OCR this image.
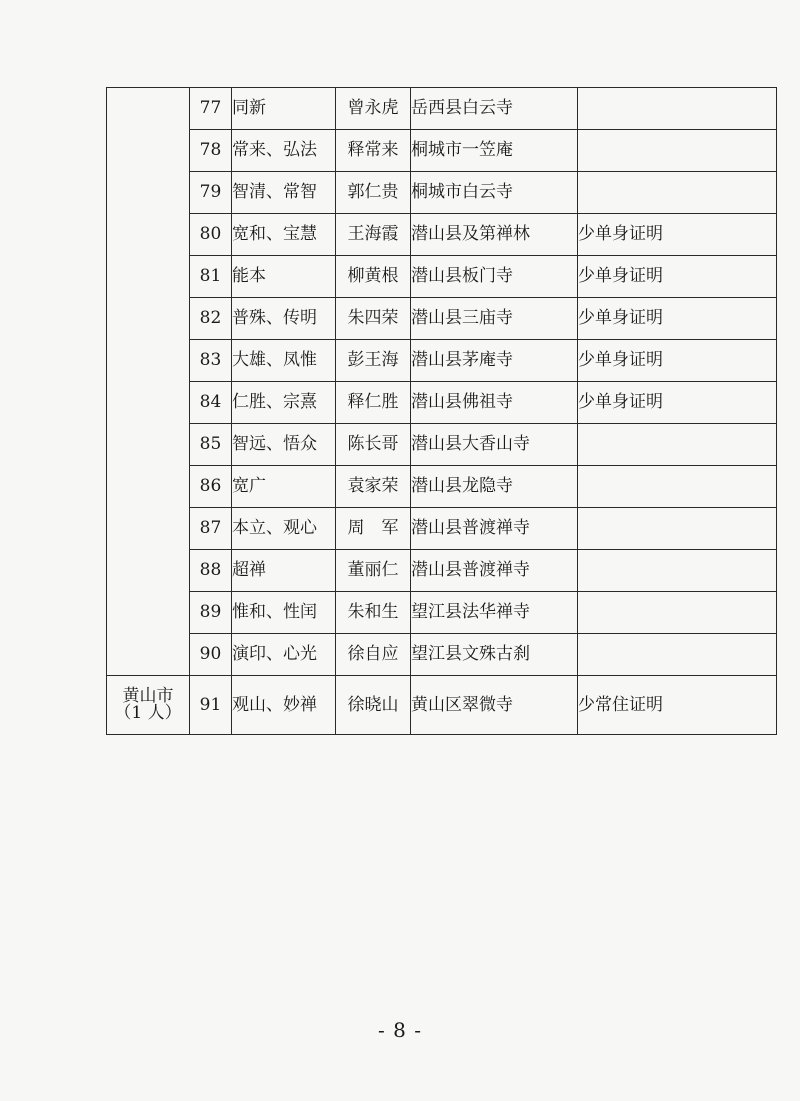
	77	同新	曾永虎	岳西县白云寺	
	78	常来、弘法	释常来	桐城市一笠庵	
	79	智清、常智	郭仁贵	桐城市白云寺	
	80	宽和、宝慧	王海霞	潜山县及第禅林	少单身证明
	81	能本	柳黄根	潜山县板门寺	少单身证明
	82	普殊、传明	朱四荣	潜山县三庙寺	少单身证明
	83	大雄、凤惟	彭王海	潜山县茅庵寺	少单身证明
	84	仁胜、宗熹	释仁胜	潜山县佛祖寺	少单身证明
	85	智远、悟众	陈长哥	潜山县大香山寺	
	86	宽广	袁家荣	潜山县龙隐寺	
	87	本立、观心	周　军	潜山县普渡禅寺	
	88	超禅	董丽仁	潜山县普渡禅寺	
	89	惟和、性闰	朱和生	望江县法华禅寺	
	90	演印、心光	徐自应	望江县文殊古刹	

黄山市
（1 人）	91	观山、妙禅	徐晓山	黄山区翠微寺	少常住证明
- 8 -
